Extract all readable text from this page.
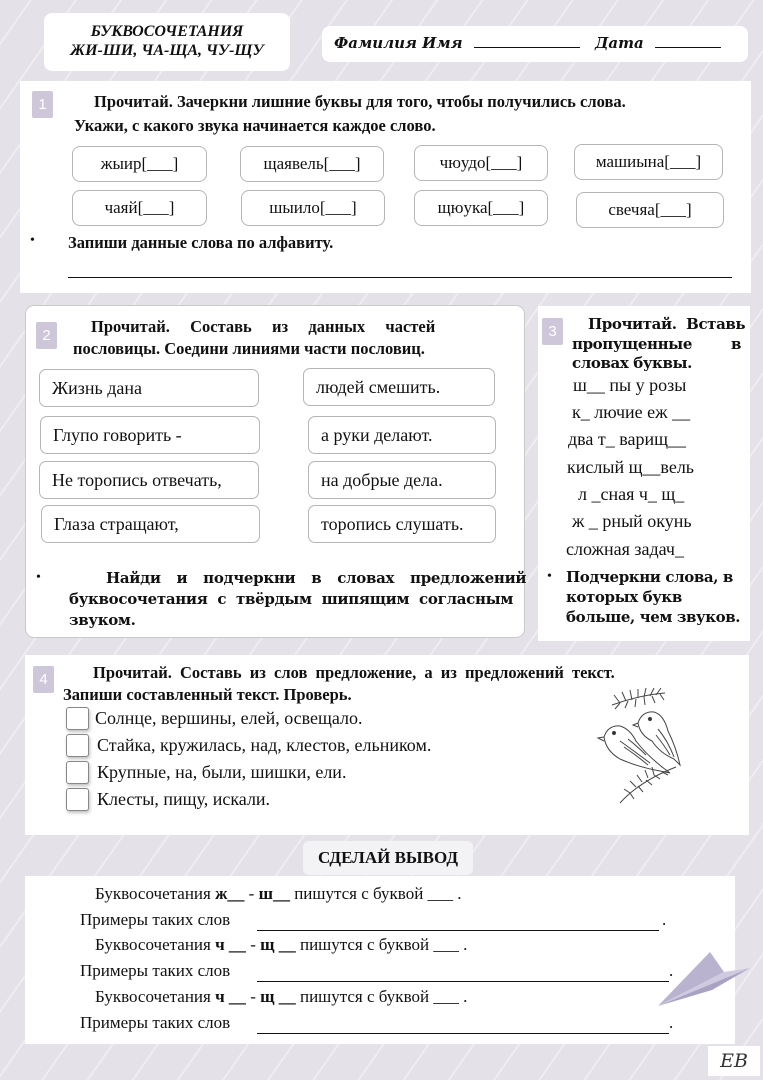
БУКВОСОЧЕТАНИЯ
ЖИ-ШИ, ЧА-ЩА, ЧУ-ЩУ	Фамилия Имя	Дата
1	Прочитай. Зачеркни лишние буквы для того, чтобы получились слова.
Укажи, с какого звука начинается каждое слово.
жыир[___]	щаявель[___]	чюудо[___]	машиына[___]
чаяй[___]	шыило[___]	щюука[___]	свечяа[___]
• Запиши данные слова по алфавиту.
2	Прочитай.  Составь  из  данных  частей
пословицы. Соедини линиями части пословиц.
Жизнь дана
Глупо говорить -
Не торопись отвечать,
Глаза стращают,
людей смешить.
а руки делают.
на добрые дела.
торопись слушать.
•	Найди  и  подчеркни  в  словах  предложений
буквосочетания  с  твёрдым  шипящим  согласным
звуком.
3	Прочитай.  Вставь
пропущенные	в
словах буквы.
ш__ пы у розы
к_ лючие еж __
два т_ варищ__
кислый щ__вель
л _сная ч_ щ_
ж _ рный окунь
сложная задач_
• Подчеркни слова, в
которых букв
больше, чем звуков.
4	Прочитай. Составь из слов предложение, а из предложений текст.
Запиши составленный текст. Проверь.
Солнце, вершины, елей, освещало.
Стайка, кружилась, над, клестов, ельником.
Крупные, на, были, шишки, ели.
Клесты, пищу, искали.
СДЕЛАЙ ВЫВОД
Буквосочетания ж__ - ш__ пишутся с буквой ___ .
Примеры таких слов	.
Буквосочетания ч __ - щ __ пишутся с буквой ___ .
Примеры таких слов	.
Буквосочетания ч __ - щ __ пишутся с буквой ___ .
Примеры таких слов	.
ЕВ
